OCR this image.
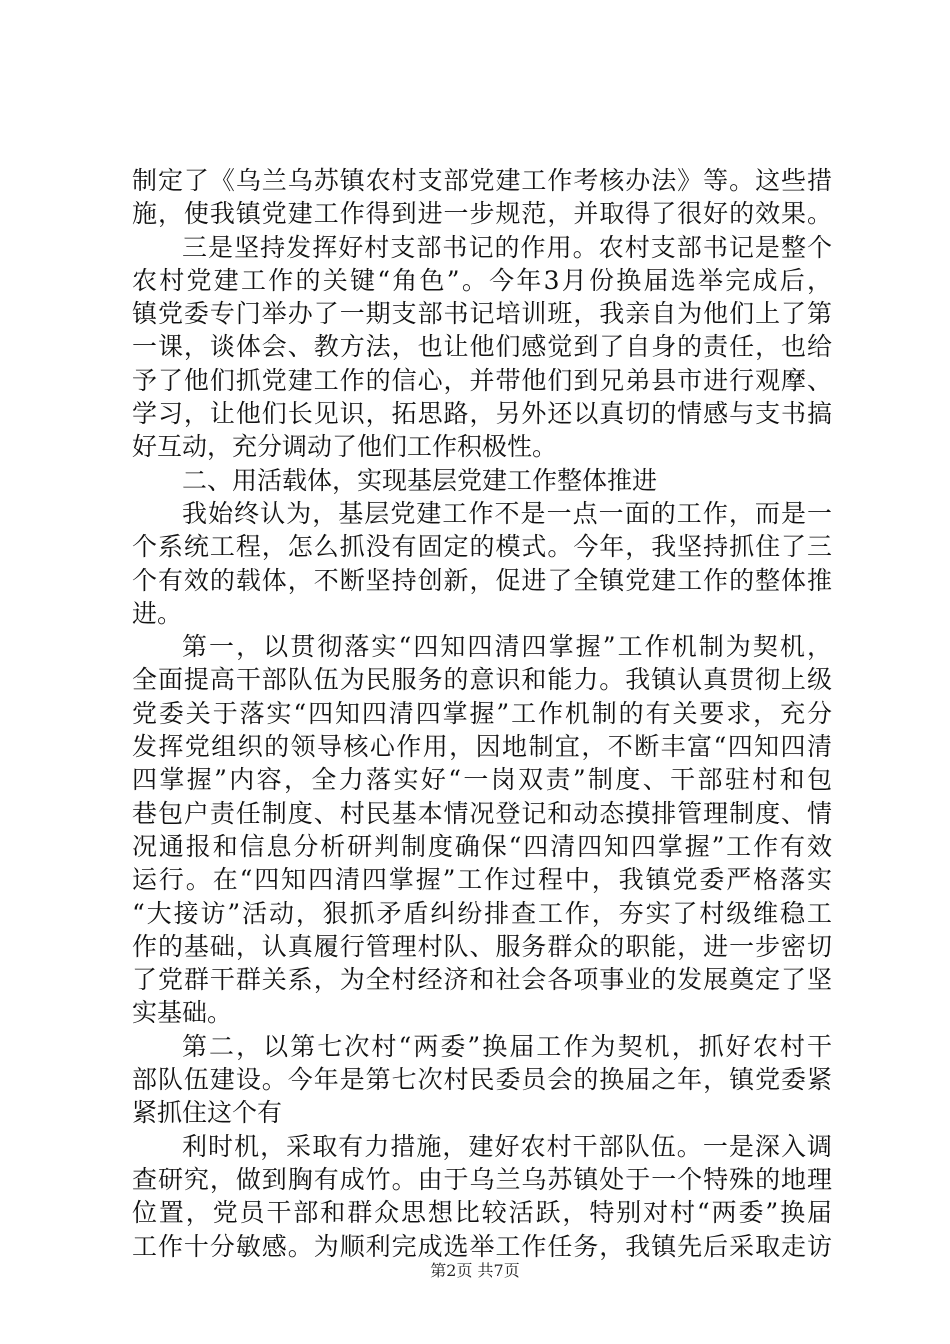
制定了《乌兰乌苏镇农村支部党建工作考核办法》等。这些措
施，使我镇党建工作得到进一步规范，并取得了很好的效果。
三是坚持发挥好村支部书记的作用。农村支部书记是整个
农村党建工作的关键“角色”。今年3月份换届选举完成后，
镇党委专门举办了一期支部书记培训班，我亲自为他们上了第
一课，谈体会、教方法，也让他们感觉到了自身的责任，也给
予了他们抓党建工作的信心，并带他们到兄弟县市进行观摩、
学习，让他们长见识，拓思路，另外还以真切的情感与支书搞
好互动，充分调动了他们工作积极性。
二、用活载体，实现基层党建工作整体推进
我始终认为，基层党建工作不是一点一面的工作，而是一
个系统工程，怎么抓没有固定的模式。今年，我坚持抓住了三
个有效的载体，不断坚持创新，促进了全镇党建工作的整体推
进。
第一，以贯彻落实“四知四清四掌握”工作机制为契机，
全面提高干部队伍为民服务的意识和能力。我镇认真贯彻上级
党委关于落实“四知四清四掌握”工作机制的有关要求，充分
发挥党组织的领导核心作用，因地制宜，不断丰富“四知四清
四掌握”内容，全力落实好“一岗双责”制度、干部驻村和包
巷包户责任制度、村民基本情况登记和动态摸排管理制度、情
况通报和信息分析研判制度确保“四清四知四掌握”工作有效
运行。在“四知四清四掌握”工作过程中，我镇党委严格落实
“大接访”活动，狠抓矛盾纠纷排查工作，夯实了村级维稳工
作的基础，认真履行管理村队、服务群众的职能，进一步密切
了党群干群关系，为全村经济和社会各项事业的发展奠定了坚
实基础。
第二，以第七次村“两委”换届工作为契机，抓好农村干
部队伍建设。今年是第七次村民委员会的换届之年，镇党委紧
紧抓住这个有
利时机，采取有力措施，建好农村干部队伍。一是深入调
查研究，做到胸有成竹。由于乌兰乌苏镇处于一个特殊的地理
位置，党员干部和群众思想比较活跃，特别对村“两委”换届
工作十分敏感。为顺利完成选举工作任务，我镇先后采取走访
第2页 共7页
